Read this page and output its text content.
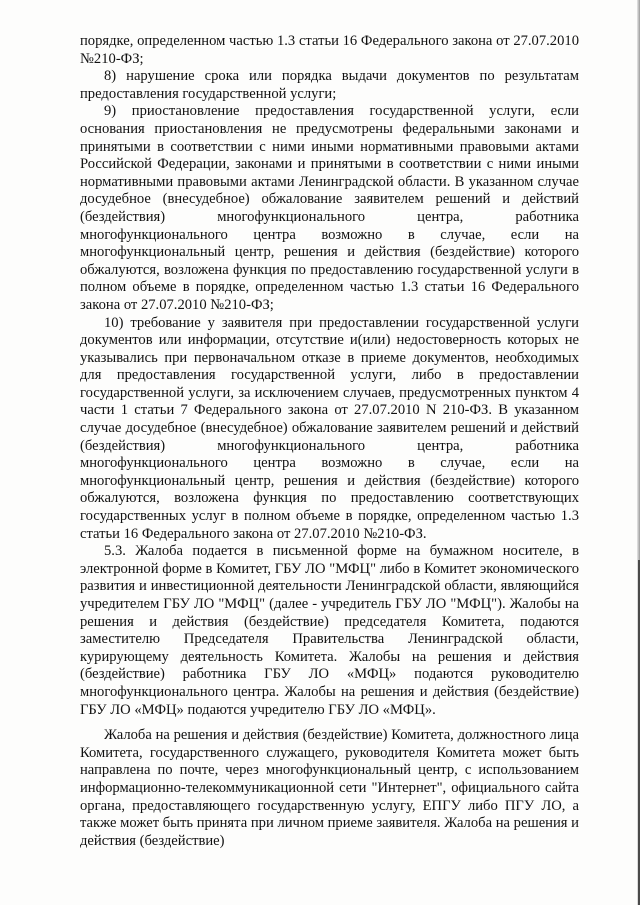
порядке, определенном частью 1.3 статьи 16 Федерального закона от 27.07.2010 №210-ФЗ;

8) нарушение срока или порядка выдачи документов по результатам предоставления государственной услуги;

9) приостановление предоставления государственной услуги, если основания приостановления не предусмотрены федеральными законами и принятыми в соответствии с ними иными нормативными правовыми актами Российской Федерации, законами и принятыми в соответствии с ними иными нормативными правовыми актами Ленинградской области. В указанном случае досудебное (внесудебное) обжалование заявителем решений и действий (бездействия) многофункционального центра, работника многофункционального центра возможно в случае, если на многофункциональный центр, решения и действия (бездействие) которого обжалуются, возложена функция по предоставлению государственной услуги в полном объеме в порядке, определенном частью 1.3 статьи 16 Федерального закона от 27.07.2010 №210-ФЗ;

10) требование у заявителя при предоставлении государственной услуги документов или информации, отсутствие и(или) недостоверность которых не указывались при первоначальном отказе в приеме документов, необходимых для предоставления государственной услуги, либо в предоставлении государственной услуги, за исключением случаев, предусмотренных пунктом 4 части 1 статьи 7 Федерального закона от 27.07.2010 N 210-ФЗ. В указанном случае досудебное (внесудебное) обжалование заявителем решений и действий (бездействия) многофункционального центра, работника многофункционального центра возможно в случае, если на многофункциональный центр, решения и действия (бездействие) которого обжалуются, возложена функция по предоставлению соответствующих государственных услуг в полном объеме в порядке, определенном частью 1.3 статьи 16 Федерального закона от 27.07.2010 №210-ФЗ.

5.3. Жалоба подается в письменной форме на бумажном носителе, в электронной форме в Комитет, ГБУ ЛО "МФЦ" либо в Комитет экономического развития и инвестиционной деятельности Ленинградской области, являющийся учредителем ГБУ ЛО "МФЦ" (далее - учредитель ГБУ ЛО "МФЦ"). Жалобы на решения и действия (бездействие) председателя Комитета, подаются заместителю Председателя Правительства Ленинградской области, курирующему деятельность Комитета. Жалобы на решения и действия (бездействие) работника ГБУ ЛО «МФЦ» подаются руководителю многофункционального центра. Жалобы на решения и действия (бездействие) ГБУ ЛО «МФЦ» подаются учредителю ГБУ ЛО «МФЦ».

Жалоба на решения и действия (бездействие) Комитета, должностного лица Комитета, государственного служащего, руководителя Комитета может быть направлена по почте, через многофункциональный центр, с использованием информационно-телекоммуникационной сети "Интернет", официального сайта органа, предоставляющего государственную услугу, ЕПГУ либо ПГУ ЛО, а также может быть принята при личном приеме заявителя. Жалоба на решения и действия (бездействие)
